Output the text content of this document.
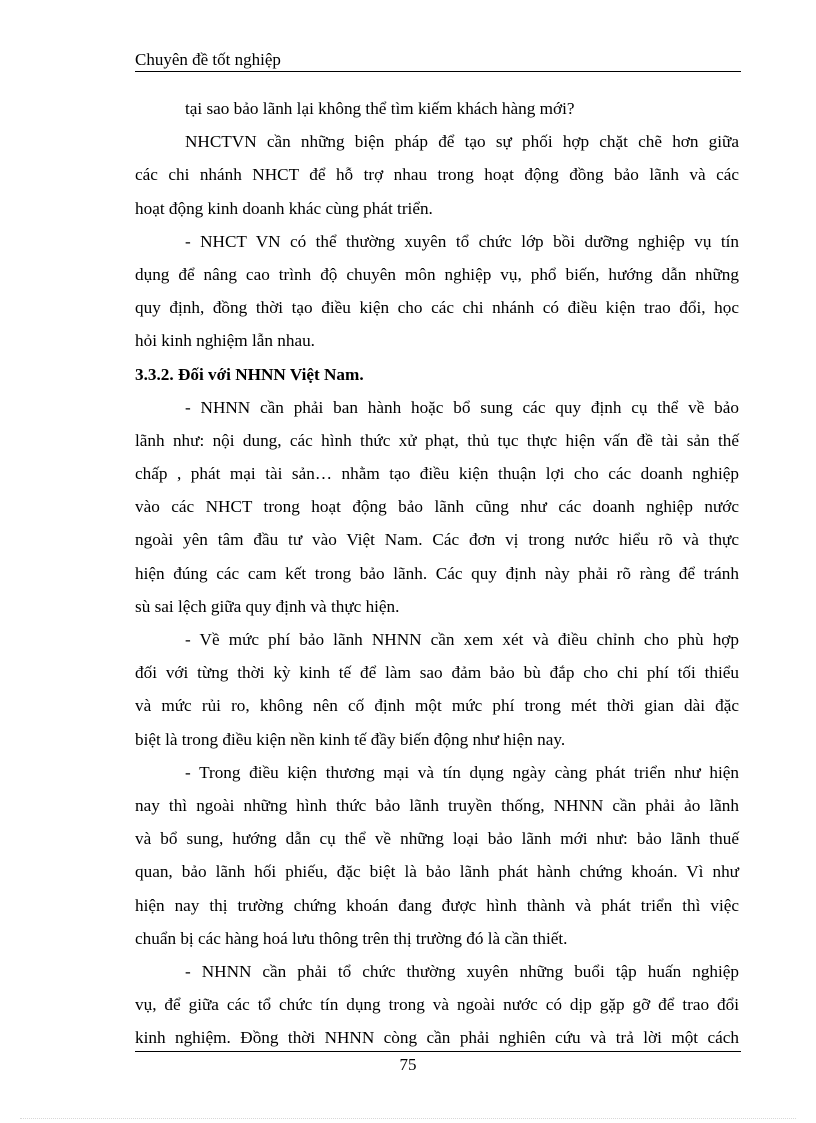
Chuyên đề tốt nghiệp
tại sao bảo lãnh lại không thể tìm kiếm khách hàng mới?
NHCTVN cần những biện pháp để tạo sự phối hợp chặt chẽ hơn giữa
các chi nhánh NHCT để hỗ trợ nhau trong hoạt động đồng bảo lãnh và các
hoạt động kinh doanh khác cùng phát triển.
- NHCT VN có thể thường xuyên tổ chức lớp bồi dưỡng nghiệp vụ tín
dụng để nâng cao trình độ chuyên môn nghiệp vụ, phổ biến, hướng dẫn những
quy định, đồng thời tạo điều kiện cho các chi nhánh có điều kiện trao đổi, học
hỏi kinh nghiệm lẫn nhau.
3.3.2. Đối với NHNN Việt Nam.
- NHNN cần phải ban hành hoặc bổ sung các quy định cụ thể về bảo
lãnh như: nội dung, các hình thức xử phạt, thủ tục thực hiện vấn đề tài sản thế
chấp , phát mại tài sản… nhằm tạo điều kiện thuận lợi cho các doanh nghiệp
vào các NHCT trong hoạt động bảo lãnh cũng như các doanh nghiệp nước
ngoài yên tâm đầu tư vào Việt Nam. Các đơn vị trong nước hiểu rõ và thực
hiện đúng các cam kết trong bảo lãnh. Các quy định này phải rõ ràng để tránh
sù sai lệch giữa quy định và thực hiện.
- Về mức phí bảo lãnh NHNN cần xem xét và điều chỉnh cho phù hợp
đối với từng thời kỳ kinh tế để làm sao đảm bảo bù đắp cho chi phí tối thiểu
và mức rủi ro, không nên cố định một mức phí trong mét thời gian dài đặc
biệt là trong điều kiện nền kinh tế đầy biến động như hiện nay.
- Trong điều kiện thương mại và tín dụng ngày càng phát triển như hiện
nay thì ngoài những hình thức bảo lãnh truyền thống, NHNN cần phải ảo lãnh
và bổ sung, hướng dẫn cụ thể về những loại bảo lãnh mới như: bảo lãnh thuế
quan, bảo lãnh hối phiếu, đặc biệt là bảo lãnh phát hành chứng khoán. Vì như
hiện nay thị trường chứng khoán đang được hình thành và phát triển thì việc
chuẩn bị các hàng hoá lưu thông trên thị trường đó là cần thiết.
- NHNN cần phải tổ chức thường xuyên những buổi tập huấn nghiệp
vụ, để giữa các tổ chức tín dụng trong và ngoài nước có dịp gặp gỡ để trao đổi
kinh nghiệm. Đồng thời NHNN còng cần phải nghiên cứu và trả lời một cách
75
